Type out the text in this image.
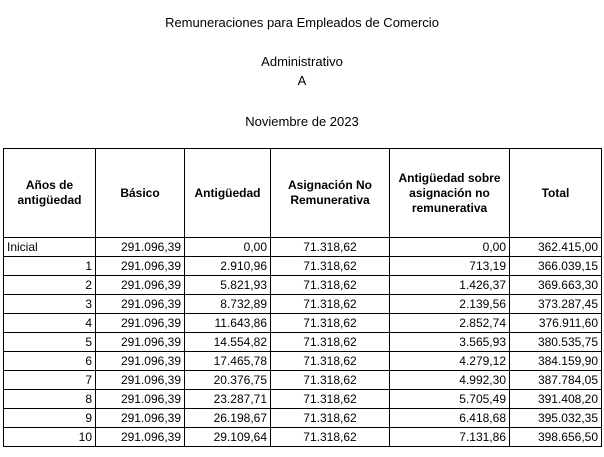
Remuneraciones para Empleados de Comercio
Administrativo
A
Noviembre de 2023
Años de antigüedad	Básico	Antigüedad	Asignación No Remunerativa	Antigüedad sobre asignación no remunerativa	Total
Inicial	291.096,39	0,00	71.318,62	0,00	362.415,00
1	291.096,39	2.910,96	71.318,62	713,19	366.039,15
2	291.096,39	5.821,93	71.318,62	1.426,37	369.663,30
3	291.096,39	8.732,89	71.318,62	2.139,56	373.287,45
4	291.096,39	11.643,86	71.318,62	2.852,74	376.911,60
5	291.096,39	14.554,82	71.318,62	3.565,93	380.535,75
6	291.096,39	17.465,78	71.318,62	4.279,12	384.159,90
7	291.096,39	20.376,75	71.318,62	4.992,30	387.784,05
8	291.096,39	23.287,71	71.318,62	5.705,49	391.408,20
9	291.096,39	26.198,67	71.318,62	6.418,68	395.032,35
10	291.096,39	29.109,64	71.318,62	7.131,86	398.656,50
